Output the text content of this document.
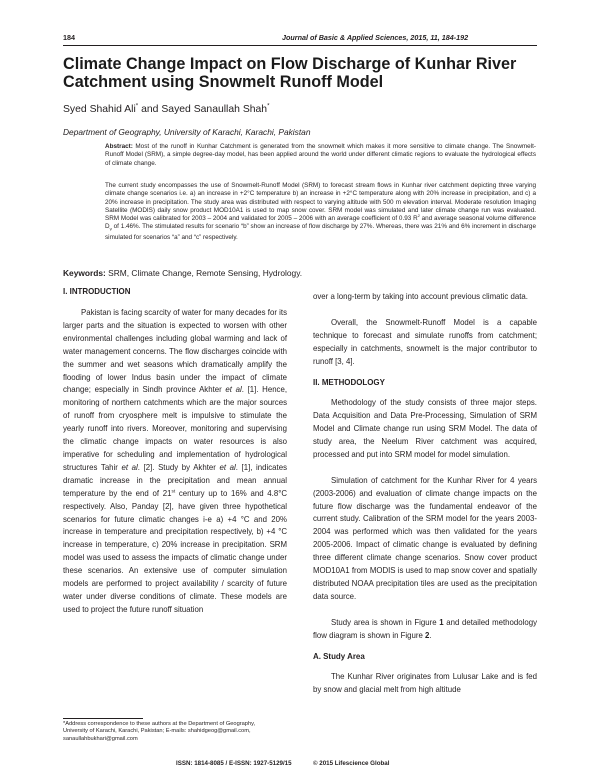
184	Journal of Basic & Applied Sciences, 2015, 11, 184-192
Climate Change Impact on Flow Discharge of Kunhar River Catchment using Snowmelt Runoff Model
Syed Shahid Ali* and Sayed Sanaullah Shah*
Department of Geography, University of Karachi, Karachi, Pakistan
Abstract: Most of the runoff in Kunhar Catchment is generated from the snowmelt which makes it more sensitive to climate change. The Snowmelt-Runoff Model (SRM), a simple degree-day model, has been applied around the world under different climatic regions to evaluate the hydrological effects of climate change.
The current study encompasses the use of Snowmelt-Runoff Model (SRM) to forecast stream flows in Kunhar river catchment depicting three varying climate change scenarios i.e. a) an increase in +2°C temperature b) an increase in +2°C temperature along with 20% increase in precipitation, and c) a 20% increase in precipitation. The study area was distributed with respect to varying altitude with 500 m elevation interval. Moderate resolution Imaging Satellite (MODIS) daily snow product MOD10A1 is used to map snow cover. SRM model was simulated and later climate change run was evaluated. SRM Model was calibrated for 2003 – 2004 and validated for 2005 – 2006 with an average coefficient of 0.93 $R^2$ and average seasonal volume difference $D_v$ of 1.46%. The stimulated results for scenario “b” show an increase of flow discharge by 27%. Whereas, there was 21% and 6% increment in discharge simulated for scenarios “a” and “c” respectively.
Keywords: SRM, Climate Change, Remote Sensing, Hydrology.
I. INTRODUCTION

Pakistan is facing scarcity of water for many decades for its larger parts and the situation is expected to worsen with other environmental challenges including global warming and lack of water management concerns. The flow discharges coincide with the summer and wet seasons which dramatically amplify the flooding of lower Indus basin under the impact of climate change; especially in Sindh province Akhter et al. [1]. Hence, monitoring of northern catchments which are the major sources of runoff from cryosphere melt is impulsive to stimulate the yearly runoff into rivers. Moreover, monitoring and supervising the climatic change impacts on water resources is also imperative for scheduling and implementation of hydrological structures Tahir et al. [2]. Study by Akhter et al. [1], indicates dramatic increase in the precipitation and mean annual temperature by the end of 21st century up to 16% and 4.8°C respectively. Also, Panday [2], have given three hypothetical scenarios for future climatic changes i-e a) +4 °C and 20% increase in temperature and precipitation respectively, b) +4 °C increase in temperature, c) 20% increase in precipitation. SRM model was used to assess the impacts of climatic change under these scenarios. An extensive use of computer simulation models are performed to project availability / scarcity of future water under diverse conditions of climate. These models are used to project the future runoff situation

over a long-term by taking into account previous climatic data.

Overall, the Snowmelt-Runoff Model is a capable technique to forecast and simulate runoffs from catchment; especially in catchments, snowmelt is the major contributor to runoff [3, 4].

II. METHODOLOGY

Methodology of the study consists of three major steps. Data Acquisition and Data Pre-Processing, Simulation of SRM Model and Climate change run using SRM Model. The data of study area, the Neelum River catchment was acquired, processed and put into SRM model for model simulation.

Simulation of catchment for the Kunhar River for 4 years (2003-2006) and evaluation of climate change impacts on the future flow discharge was the fundamental endeavor of the current study. Calibration of the SRM model for the years 2003-2004 was performed which was then validated for the years 2005-2006. Impact of climatic change is evaluated by defining three different climate change scenarios. Snow cover product MOD10A1 from MODIS is used to map snow cover and spatially distributed NOAA precipitation tiles are used as the precipitation data source.

Study area is shown in Figure 1 and detailed methodology flow diagram is shown in Figure 2.

A. Study Area

The Kunhar River originates from Lulusar Lake and is fed by snow and glacial melt from high altitude

*Address correspondence to these authors at the Department of Geography, University of Karachi, Karachi, Pakistan; E-mails: shahidgeog@gmail.com, sanaullahbukhari@gmail.com
ISSN: 1814-8085 / E-ISSN: 1927-5129/15	© 2015 Lifescience Global
